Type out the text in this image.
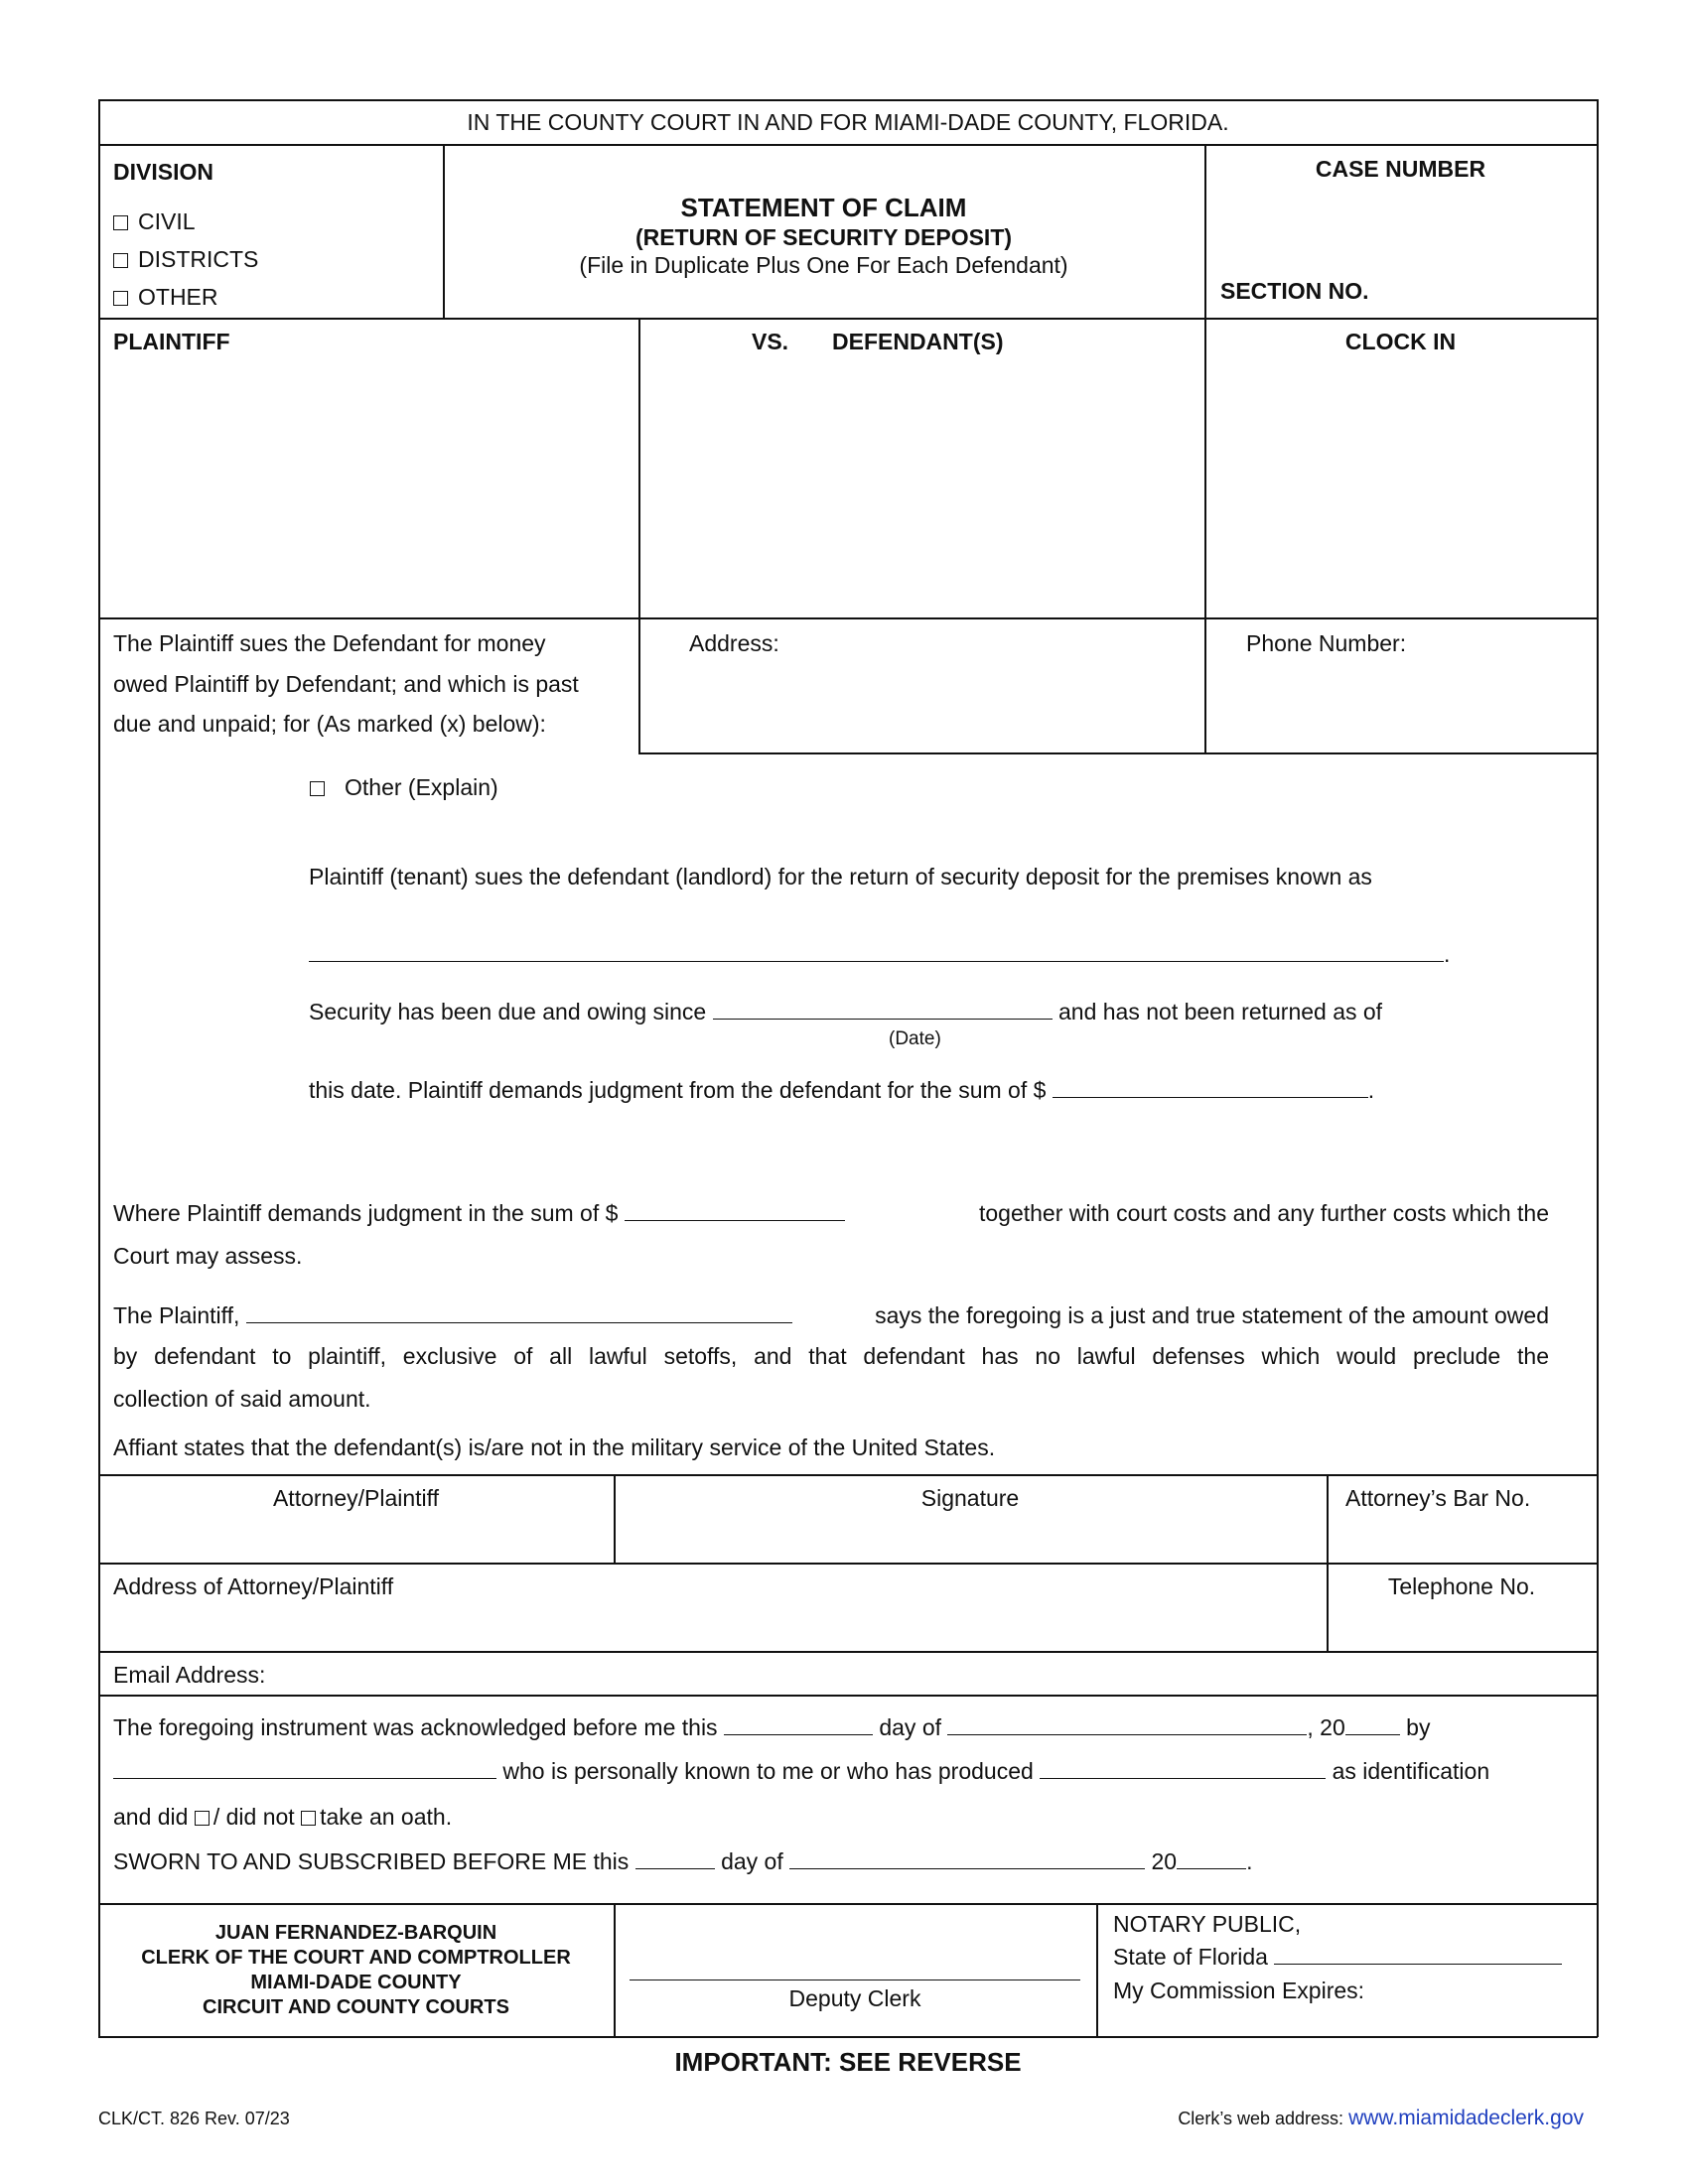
IN THE COUNTY COURT IN AND FOR MIAMI-DADE COUNTY, FLORIDA.
DIVISION
CIVIL
DISTRICTS
OTHER
STATEMENT OF CLAIM
(RETURN OF SECURITY DEPOSIT)
(File in Duplicate Plus One For Each Defendant)
CASE NUMBER
SECTION NO.
PLAINTIFF	VS. DEFENDANT(S)	CLOCK IN
The Plaintiff sues the Defendant for money
owed Plaintiff by Defendant; and which is past
due and unpaid; for (As marked (x) below):
Address:	Phone Number:
Other (Explain)
Plaintiff (tenant) sues the defendant (landlord) for the return of security deposit for the premises known as
.
Security has been due and owing since	and has not been returned as of
(Date)
this date. Plaintiff demands judgment from the defendant for the sum of $	.
Where Plaintiff demands judgment in the sum of $	together with court costs and any further costs which the
Court may assess.
The Plaintiff,	says the foregoing is a just and true statement of the amount owed
by defendant to plaintiff, exclusive of all lawful setoffs, and that defendant has no lawful defenses which would preclude the
collection of said amount.
Affiant states that the defendant(s) is/are not in the military service of the United States.
Attorney/Plaintiff	Signature	Attorney’s Bar No.
Address of Attorney/Plaintiff	Telephone No.
Email Address:
The foregoing instrument was acknowledged before me this	day of	, 20	by
who is personally known to me or who has produced	as identification
and did / did not take an oath.
SWORN TO AND SUBSCRIBED BEFORE ME this	day of	20	.
JUAN FERNANDEZ-BARQUIN
CLERK OF THE COURT AND COMPTROLLER
MIAMI-DADE COUNTY
CIRCUIT AND COUNTY COURTS	Deputy Clerk
NOTARY PUBLIC,
State of Florida
My Commission Expires:
IMPORTANT: SEE REVERSE
CLK/CT. 826 Rev. 07/23	Clerk’s web address: www.miamidadeclerk.gov
